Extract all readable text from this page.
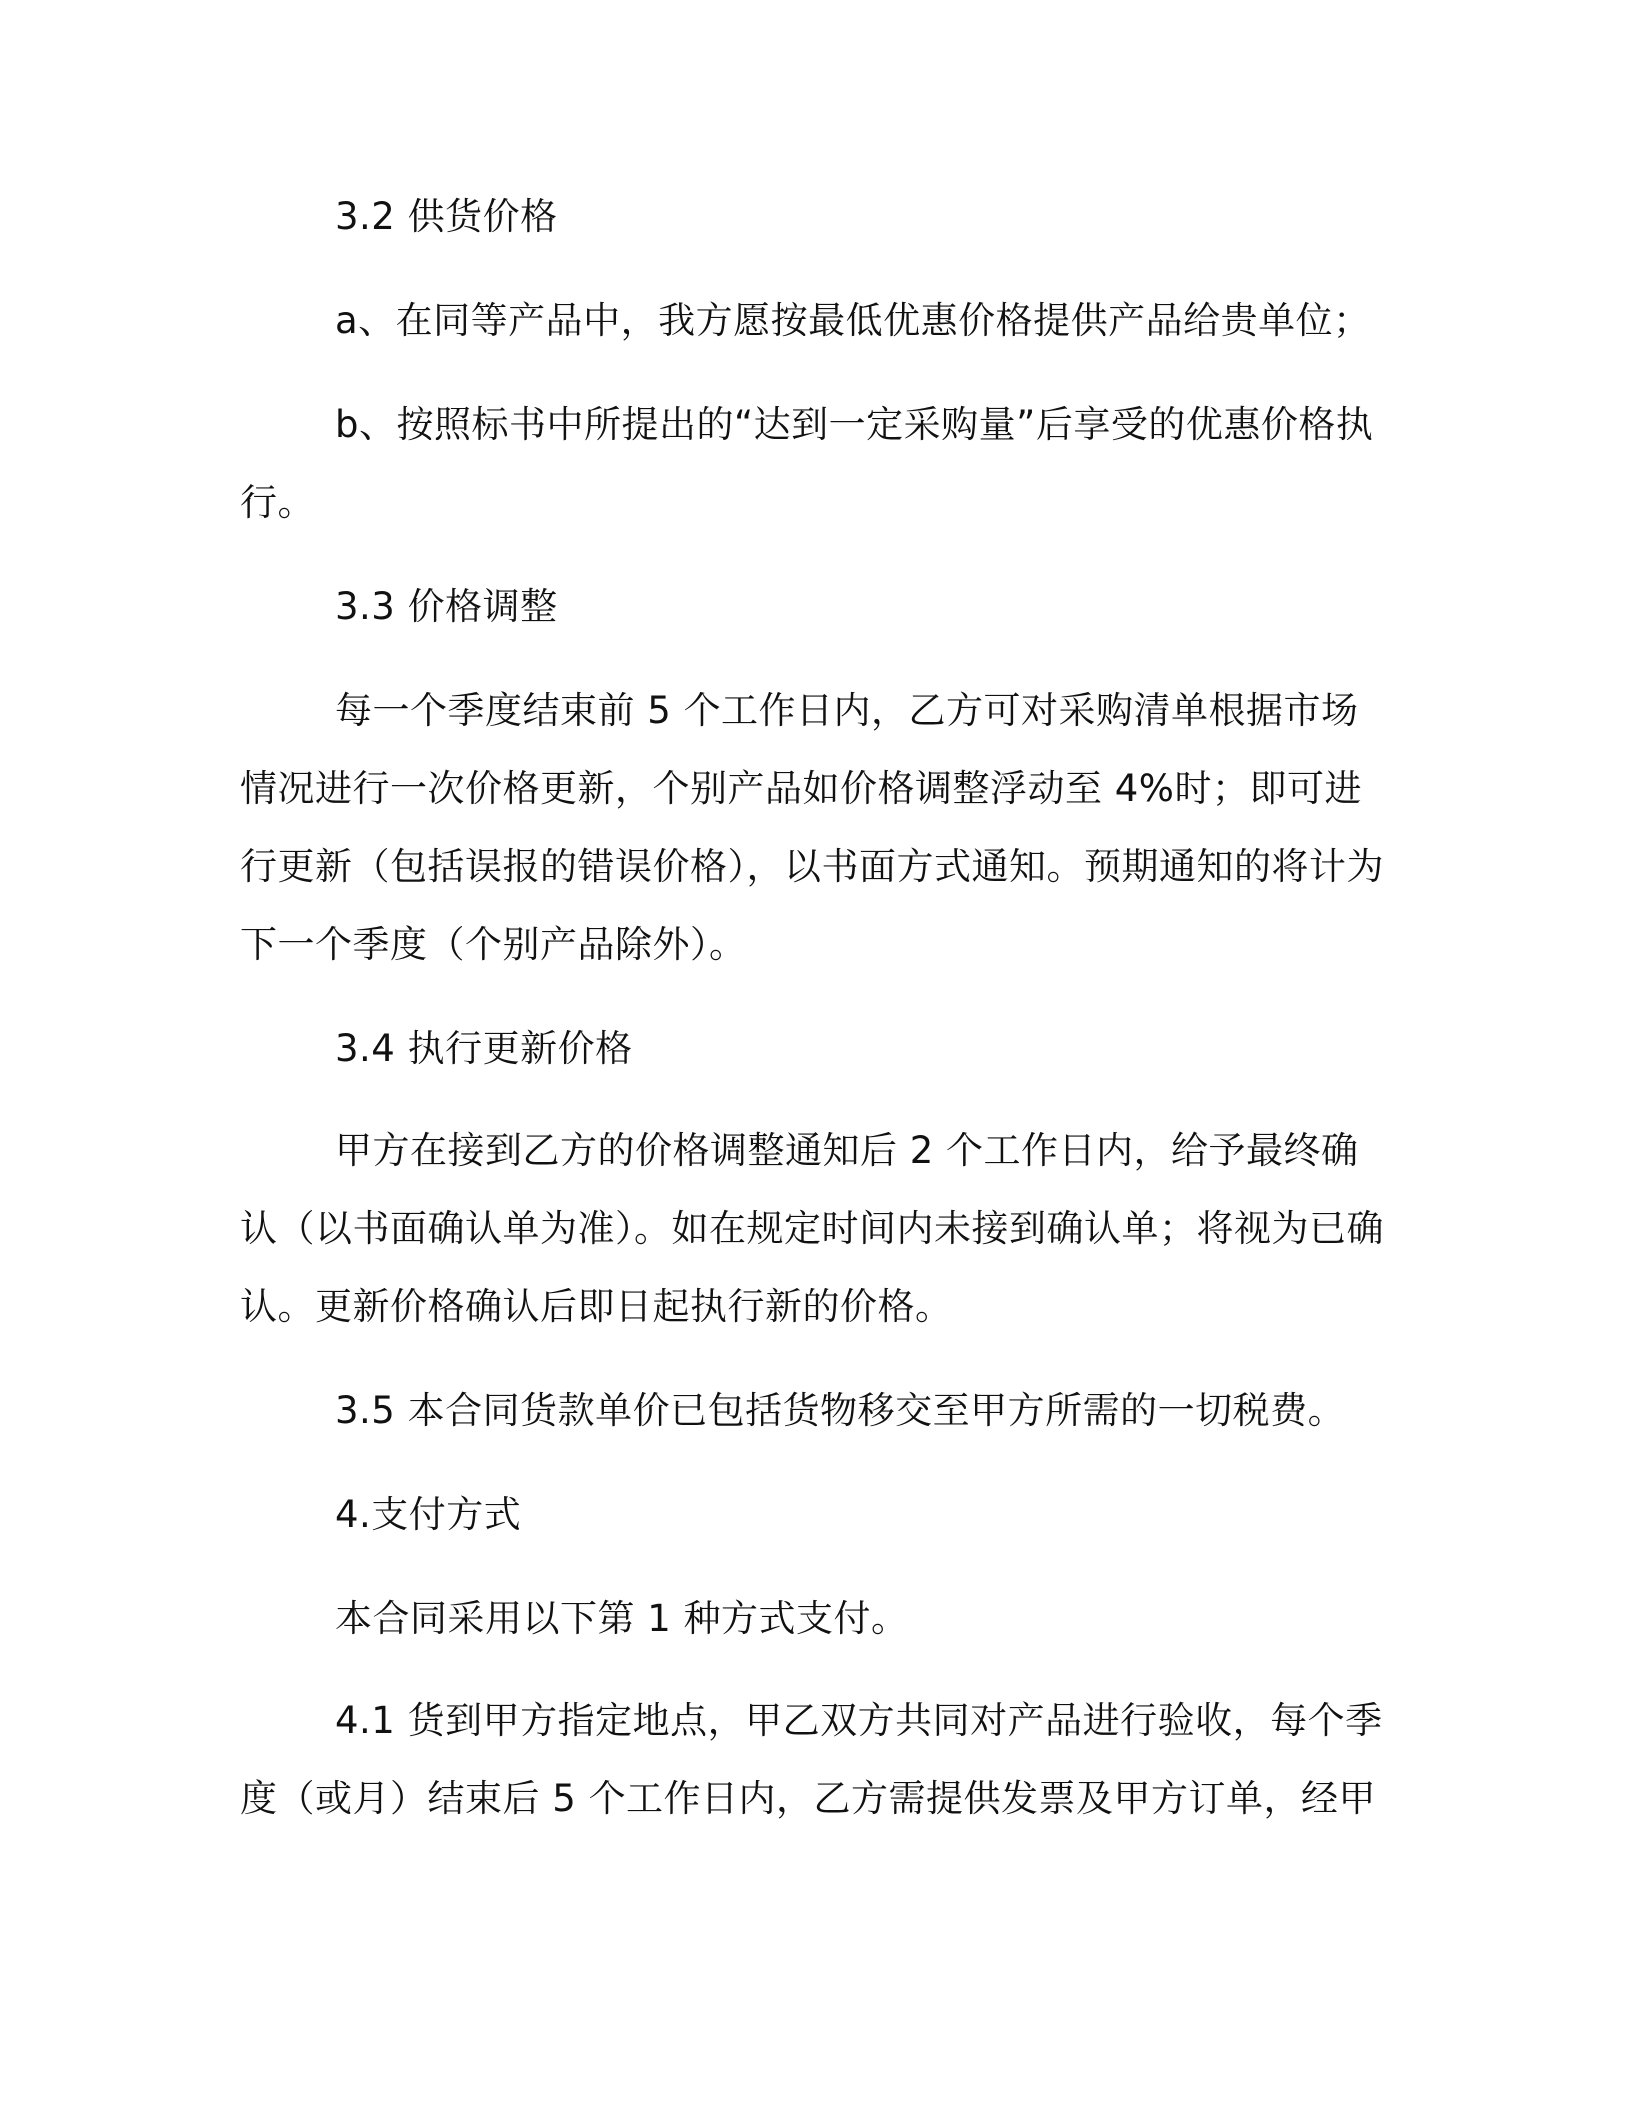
3.2 供货价格

a、在同等产品中，我方愿按最低优惠价格提供产品给贵单位；

b、按照标书中所提出的“达到一定采购量”后享受的优惠价格执行。

3.3 价格调整

每一个季度结束前 5 个工作日内，乙方可对采购清单根据市场情况进行一次价格更新，个别产品如价格调整浮动至 4%时；即可进行更新（包括误报的错误价格），以书面方式通知。预期通知的将计为下一个季度（个别产品除外）。

3.4 执行更新价格

甲方在接到乙方的价格调整通知后 2 个工作日内，给予最终确认（以书面确认单为准）。如在规定时间内未接到确认单；将视为已确认。更新价格确认后即日起执行新的价格。

3.5 本合同货款单价已包括货物移交至甲方所需的一切税费。

4.支付方式

本合同采用以下第 1 种方式支付。

4.1 货到甲方指定地点，甲乙双方共同对产品进行验收，每个季度（或月）结束后 5 个工作日内，乙方需提供发票及甲方订单，经甲
